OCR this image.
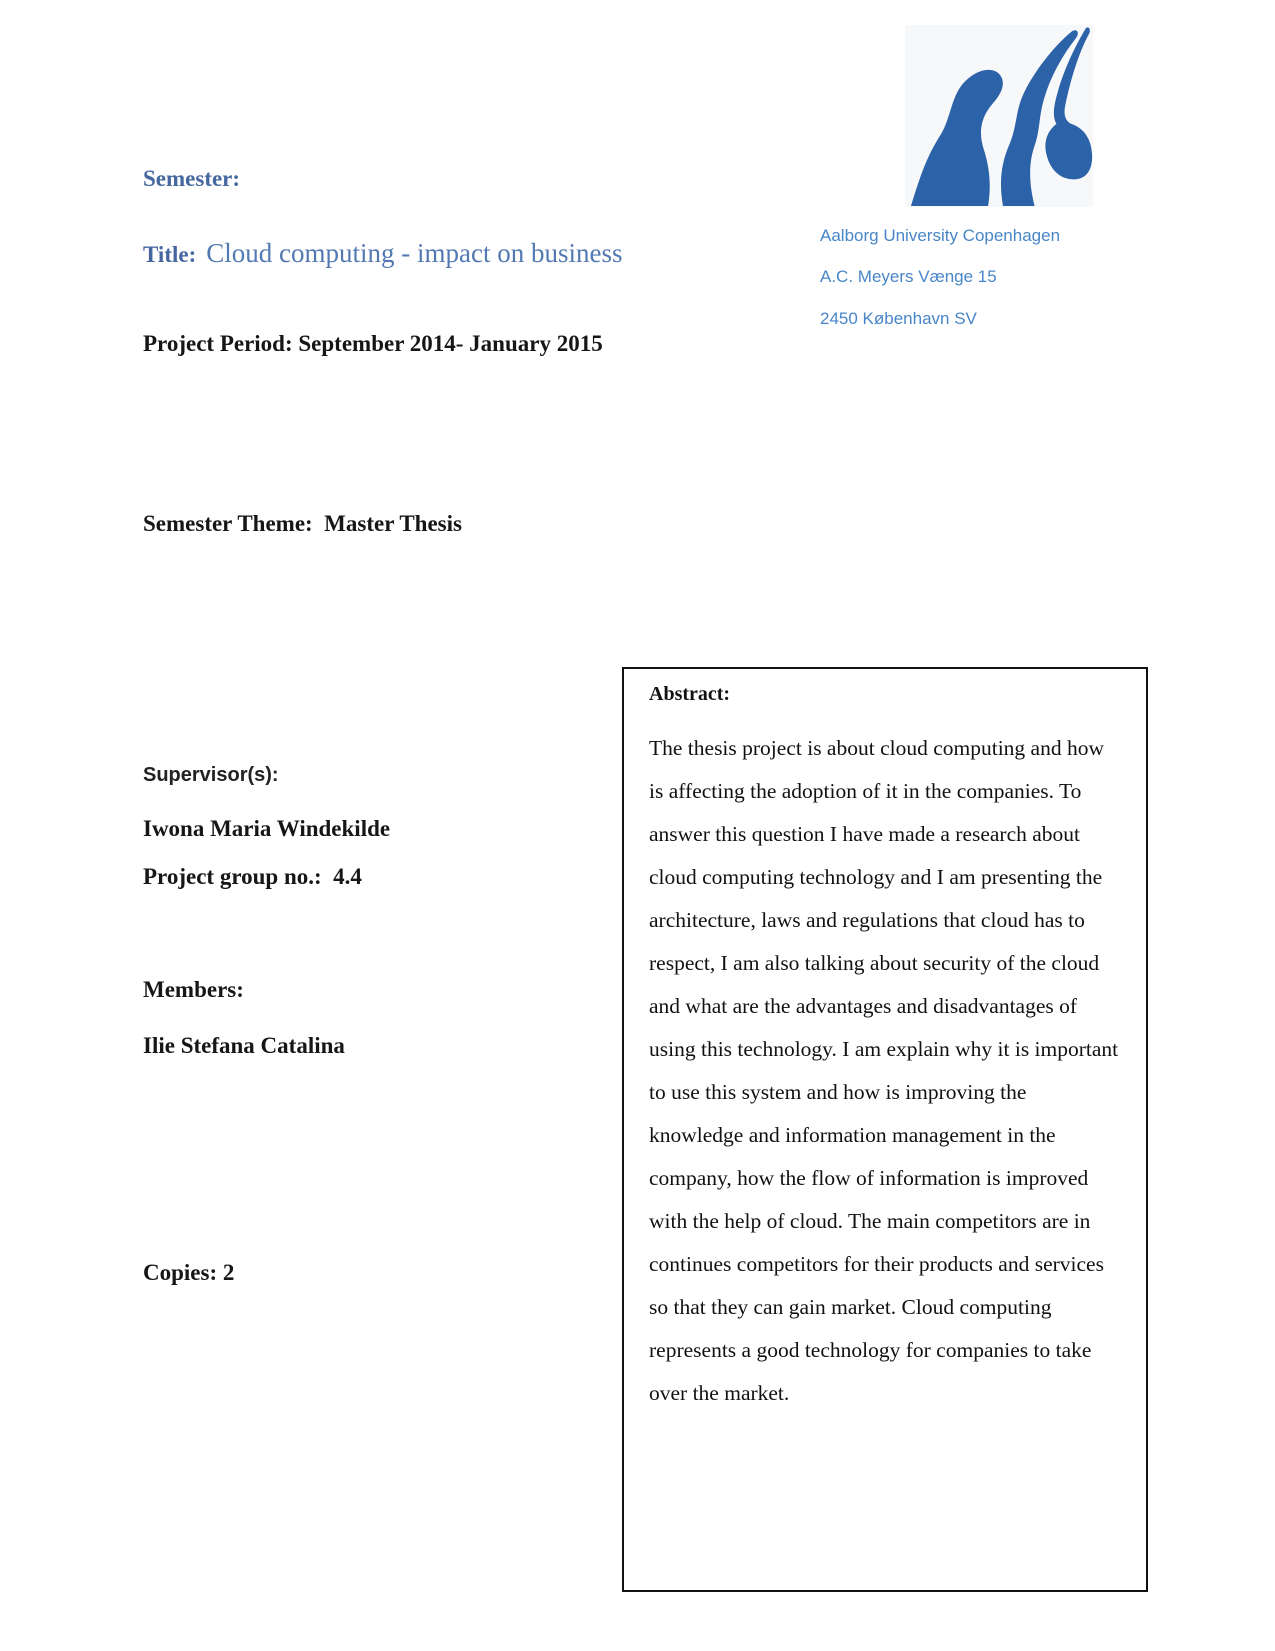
Semester:
Title: Cloud computing - impact on business
Project Period: September 2014- January 2015
Semester Theme:  Master Thesis
Supervisor(s):
Iwona Maria Windekilde
Project group no.:  4.4
Members:
Ilie Stefana Catalina
Copies: 2
Aalborg University Copenhagen
A.C. Meyers Vænge 15
2450 København SV
Abstract:
The thesis project is about cloud computing and how is affecting the adoption of it in the companies. To answer this question I have made a research about cloud computing technology and I am presenting the architecture, laws and regulations that cloud has to respect, I am also talking about security of the cloud and what are the advantages and disadvantages of using this technology. I am explain why it is important to use this system and how is improving the knowledge and information management in the company, how the flow of information is improved with the help of cloud. The main competitors are in continues competitors for their products and services so that they can gain market. Cloud computing represents a good technology for companies to take over the market.
